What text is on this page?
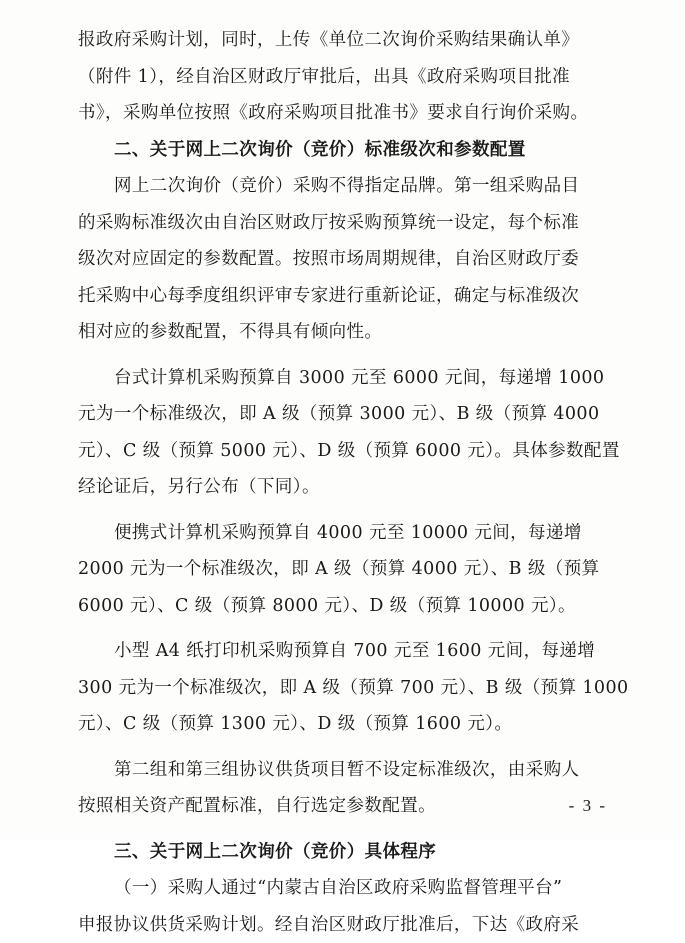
报政府采购计划，同时，上传《单位二次询价采购结果确认单》
（附件 1），经自治区财政厅审批后，出具《政府采购项目批准
书》，采购单位按照《政府采购项目批准书》要求自行询价采购。
二、关于网上二次询价（竞价）标准级次和参数配置
网上二次询价（竞价）采购不得指定品牌。第一组采购品目
的采购标准级次由自治区财政厅按采购预算统一设定，每个标准
级次对应固定的参数配置。按照市场周期规律，自治区财政厅委
托采购中心每季度组织评审专家进行重新论证，确定与标准级次
相对应的参数配置，不得具有倾向性。
台式计算机采购预算自 3000 元至 6000 元间，每递增 1000
元为一个标准级次，即 A 级（预算 3000 元）、B 级（预算 4000
元）、C 级（预算 5000 元）、D 级（预算 6000 元）。具体参数配置
经论证后，另行公布（下同）。
便携式计算机采购预算自 4000 元至 10000 元间，每递增
2000 元为一个标准级次，即 A 级（预算 4000 元）、B 级（预算
6000 元）、C 级（预算 8000 元）、D 级（预算 10000 元）。
小型 A4 纸打印机采购预算自 700 元至 1600 元间，每递增
300 元为一个标准级次，即 A 级（预算 700 元）、B 级（预算 1000
元）、C 级（预算 1300 元）、D 级（预算 1600 元）。
第二组和第三组协议供货项目暂不设定标准级次，由采购人
按照相关资产配置标准，自行选定参数配置。
三、关于网上二次询价（竞价）具体程序
（一）采购人通过“内蒙古自治区政府采购监督管理平台”
申报协议供货采购计划。经自治区财政厅批准后，下达《政府采
- 3 -
